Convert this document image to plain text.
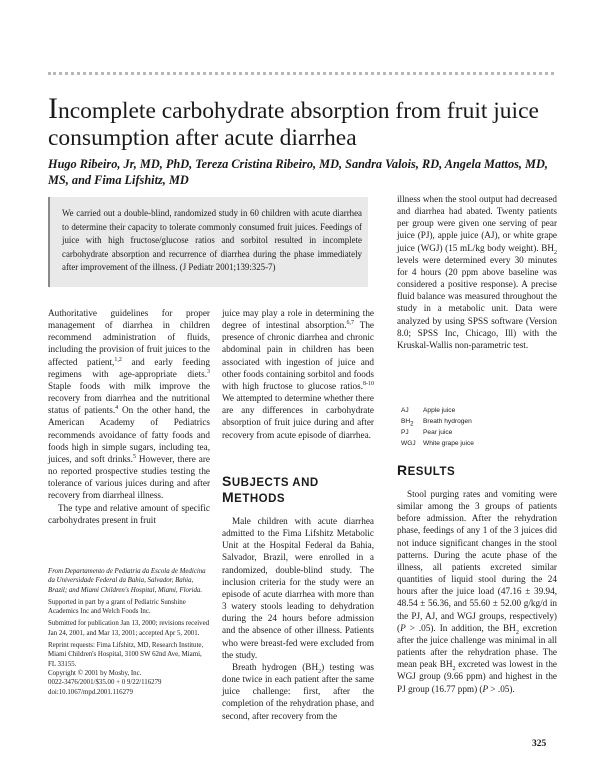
Incomplete carbohydrate absorption from fruit juice consumption after acute diarrhea
Hugo Ribeiro, Jr, MD, PhD, Tereza Cristina Ribeiro, MD, Sandra Valois, RD, Angela Mattos, MD, MS, and Fima Lifshitz, MD
We carried out a double-blind, randomized study in 60 children with acute diarrhea to determine their capacity to tolerate commonly consumed fruit juices. Feedings of juice with high fructose/glucose ratios and sorbitol resulted in incomplete carbohydrate absorption and recurrence of diarrhea during the phase immediately after improvement of the illness. (J Pediatr 2001;139:325-7)

Authoritative guidelines for proper management of diarrhea in children recommend administration of fluids, including the provision of fruit juices to the affected patient,$^{1,2}$ and early feeding regimens with age-appropriate diets.$^3$ Staple foods with milk improve the recovery from diarrhea and the nutritional status of patients.$^4$ On the other hand, the American Academy of Pediatrics recommends avoidance of fatty foods and foods high in simple sugars, including tea, juices, and soft drinks.$^5$ However, there are no reported prospective studies testing the tolerance of various juices during and after recovery from diarrheal illness.

The type and relative amount of specific carbohydrates present in fruit

From Departamento de Pediatria da Escola de Medicina da Universidade Federal da Bahia, Salvador, Bahia, Brazil; and Miami Children's Hospital, Miami, Florida.

Supported in part by a grant of Pediatric Sunshine Academics Inc and Welch Foods Inc.

Submitted for publication Jan 13, 2000; revisions received Jan 24, 2001, and Mar 13, 2001; accepted Apr 5, 2001.

Reprint requests: Fima Lifshitz, MD, Research Institute, Miami Children's Hospital, 3100 SW 62nd Ave, Miami, FL 33155.

Copyright © 2001 by Mosby, Inc.

0022-3476/2001/$35.00 + 0 9/22/116279

doi:10.1067/mpd.2001.116279

juice may play a role in determining the degree of intestinal absorption.$^{6,7}$ The presence of chronic diarrhea and chronic abdominal pain in children has been associated with ingestion of juice and other foods containing sorbitol and foods with high fructose to glucose ratios.$^{8-10}$ We attempted to determine whether there are any differences in carbohydrate absorption of fruit juice during and after recovery from acute episode of diarrhea.

SUBJECTS AND
METHODS

Male children with acute diarrhea admitted to the Fima Lifshitz Metabolic Unit at the Hospital Federal da Bahia, Salvador, Brazil, were enrolled in a randomized, double-blind study. The inclusion criteria for the study were an episode of acute diarrhea with more than 3 watery stools leading to dehydration during the 24 hours before admission and the absence of other illness. Patients who were breast-fed were excluded from the study.

Breath hydrogen $(BH_2)$ testing was done twice in each patient after the same juice challenge: first, after the completion of the rehydration phase, and second, after recovery from the

illness when the stool output had decreased and diarrhea had abated. Twenty patients per group were given one serving of pear juice (PJ), apple juice (AJ), or white grape juice (WGJ) (15 mL/kg body weight). $BH_2$ levels were determined every 30 minutes for 4 hours (20 ppm above baseline was considered a positive response). A precise fluid balance was measured throughout the study in a metabolic unit. Data were analyzed by using SPSS software (Version 8.0; SPSS Inc, Chicago, Ill) with the Kruskal-Wallis non-parametric test.

AJ	Apple juice
$BH_2$	Breath hydrogen
PJ	Pear juice
WGJ	White grape juice
RESULTS

Stool purging rates and vomiting were similar among the 3 groups of patients before admission. After the rehydration phase, feedings of any 1 of the 3 juices did not induce significant changes in the stool patterns. During the acute phase of the illness, all patients excreted similar quantities of liquid stool during the 24 hours after the juice load (47.16 ± 39.94, 48.54 ± 56.36, and 55.60 ± 52.00 g/kg/d in the PJ, AJ, and WGJ groups, respectively) (P > .05). In addition, the $BH_2$ excretion after the juice challenge was minimal in all patients after the rehydration phase. The mean peak $BH_2$ excreted was lowest in the WGJ group (9.66 ppm) and highest in the PJ group (16.77 ppm) (P > .05).

325
